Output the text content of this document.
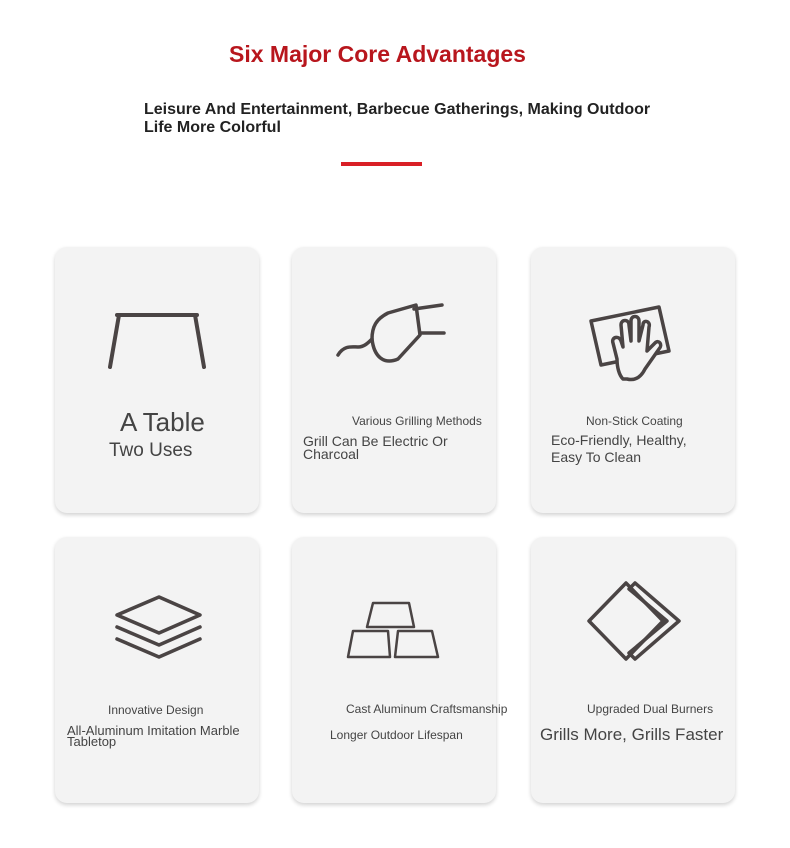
Six Major Core Advantages
Leisure And Entertainment, Barbecue Gatherings, Making Outdoor Life More Colorful
A Table
Two Uses
Various Grilling Methods
Grill Can Be Electric Or Charcoal
Non-Stick Coating
Eco-Friendly, Healthy, Easy To Clean
Innovative Design
All-Aluminum Imitation Marble Tabletop
Cast Aluminum Craftsmanship
Longer Outdoor Lifespan
Upgraded Dual Burners
Grills More, Grills Faster
